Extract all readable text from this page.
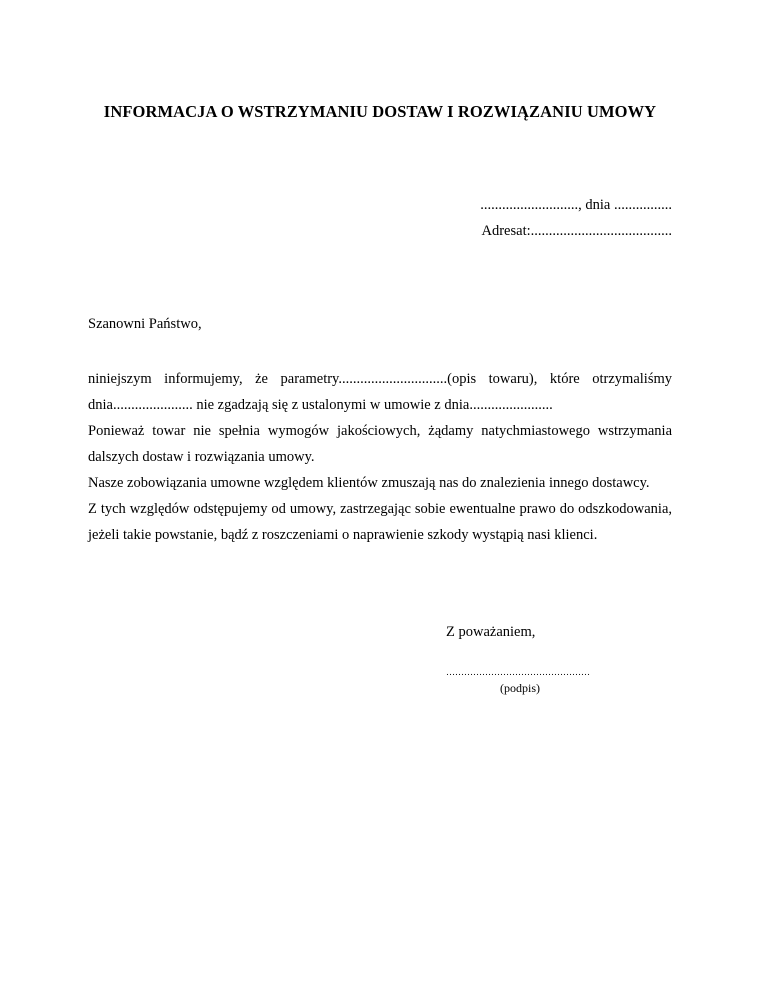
INFORMACJA O WSTRZYMANIU DOSTAW I ROZWIĄZANIU UMOWY
..........................., dnia ................
Adresat:.......................................
Szanowni Państwo,

niniejszym informujemy, że parametry..............................(opis towaru), które otrzymaliśmy dnia...................... nie zgadzają się z ustalonymi w umowie z dnia.......................

Ponieważ towar nie spełnia wymogów jakościowych, żądamy natychmiastowego wstrzymania dalszych dostaw i rozwiązania umowy.

Nasze zobowiązania umowne względem klientów zmuszają nas do znalezienia innego dostawcy.

Z tych względów odstępujemy od umowy, zastrzegając sobie ewentualne prawo do odszkodowania, jeżeli takie powstanie, bądź z roszczeniami o naprawienie szkody wystąpią nasi klienci.

Z poważaniem,
…………………………………………
(podpis)
